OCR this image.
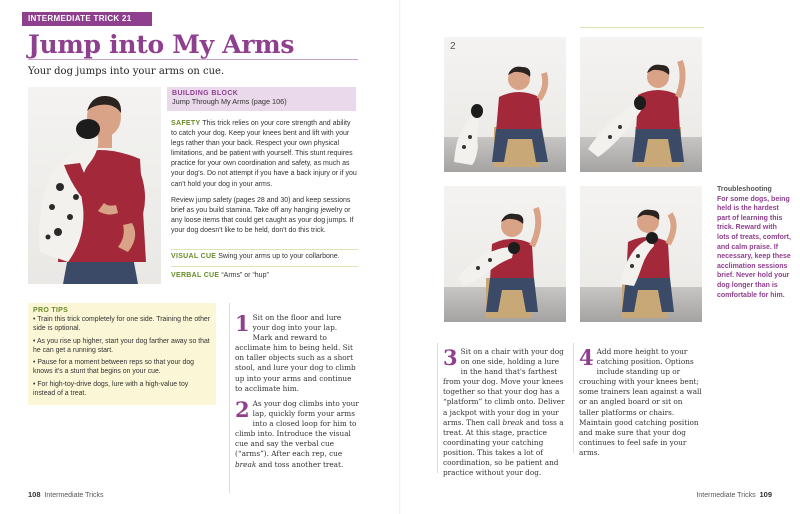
INTERMEDIATE TRICK 21
Jump into My Arms
Your dog jumps into your arms on cue.
BUILDING BLOCK
Jump Through My Arms (page 106)
SAFETY This trick relies on your core strength and ability to catch your dog. Keep your knees bent and lift with your legs rather than your back. Respect your own physical limitations, and be patient with yourself. This stunt requires practice for your own coordination and safety, as much as your dog's. Do not attempt if you have a back injury or if you can't hold your dog in your arms.
Review jump safety (pages 28 and 30) and keep sessions brief as you build stamina. Take off any hanging jewelry or any loose items that could get caught as your dog jumps. If your dog doesn't like to be held, don't do this trick.
VISUAL CUE Swing your arms up to your collarbone.
VERBAL CUE “Arms” or “hup”
PRO TIPS
• Train this trick completely for one side. Training the other side is optional.
• As you rise up higher, start your dog farther away so that he can get a running start.
• Pause for a moment between reps so that your dog knows it's a stunt that begins on your cue.
• For high-toy-drive dogs, lure with a high-value toy instead of a treat.
1 Sit on the floor and lure your dog into your lap. Mark and reward to acclimate him to being held. Sit on taller objects such as a short stool, and lure your dog to climb up into your arms and continue to acclimate him.
2 As your dog climbs into your lap, quickly form your arms into a closed loop for him to climb into. Introduce the visual cue and say the verbal cue (“arms”). After each rep, cue break and toss another treat.
108 Intermediate Tricks
2
Troubleshooting
For some dogs, being held is the hardest part of learning this trick. Reward with lots of treats, comfort, and calm praise. If necessary, keep these acclimation sessions brief. Never hold your dog longer than is comfortable for him.
3 Sit on a chair with your dog on one side, holding a lure in the hand that's farthest from your dog. Move your knees together so that your dog has a “platform” to climb onto. Deliver a jackpot with your dog in your arms. Then call break and toss a treat. At this stage, practice coordinating your catching position. This takes a lot of coordination, so be patient and practice without your dog.
4 Add more height to your catching position. Options include standing up or crouching with your knees bent; some trainers lean against a wall or an angled board or sit on taller platforms or chairs. Maintain good catching position and make sure that your dog continues to feel safe in your arms.
Intermediate Tricks 109
